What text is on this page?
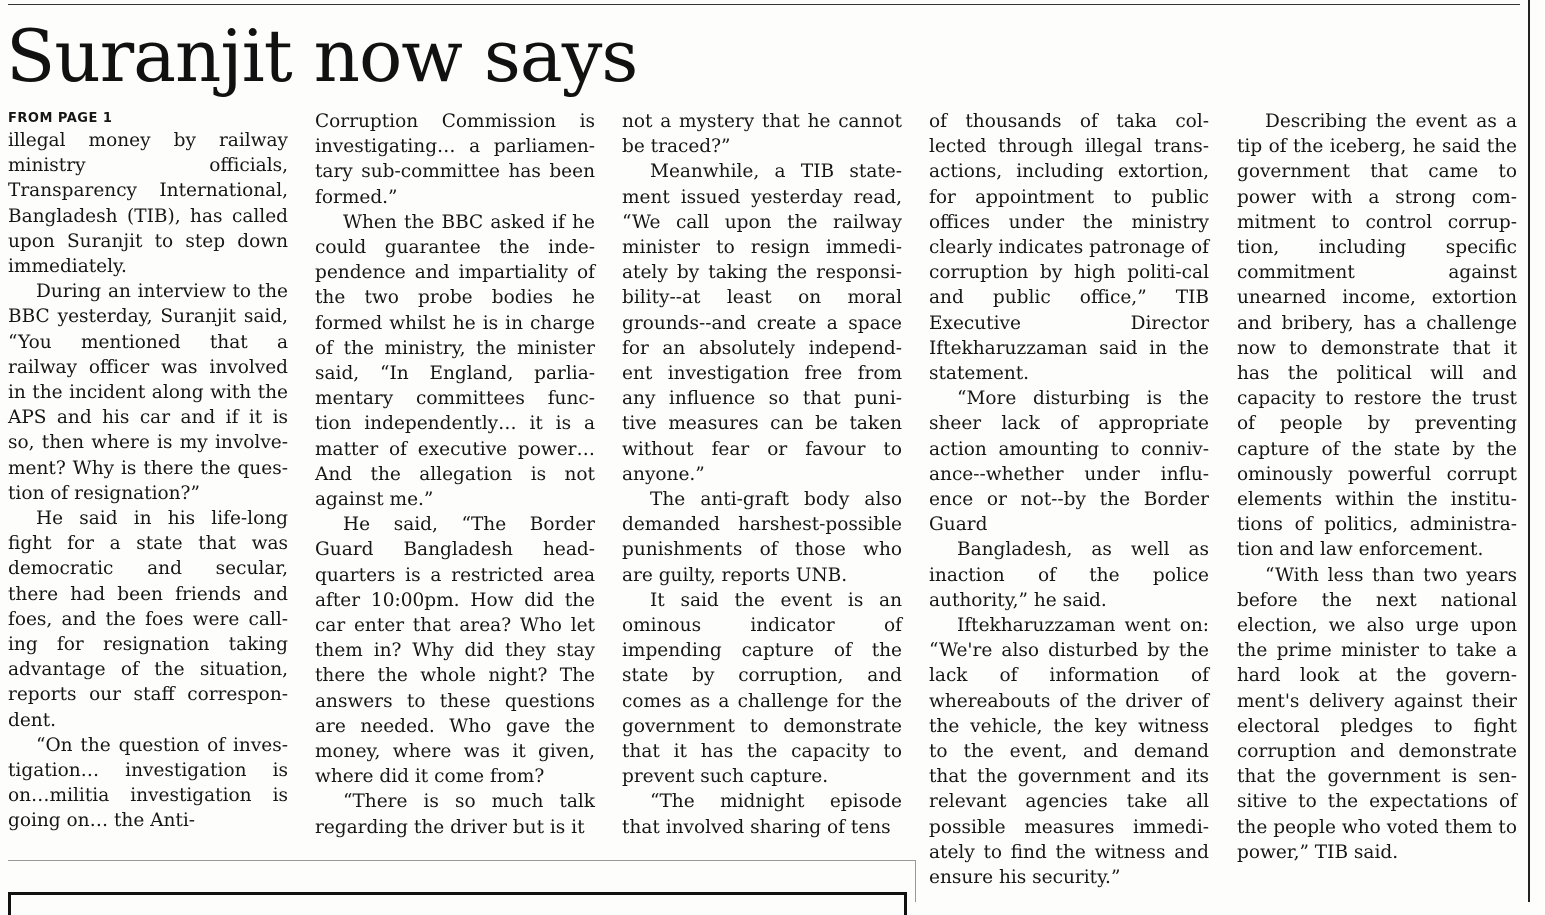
Suranjit now says
FROM PAGE 1

illegal money by railway ministry officials, Transparency International, Bangladesh (TIB), has called upon Suranjit to step down immediately.

During an interview to the BBC yesterday, Suranjit said, “You mentioned that a railway officer was involved in the incident along with the APS and his car and if it is so, then where is my involve-ment? Why is there the ques-tion of resignation?”

He said in his life-long fight for a state that was democratic and secular, there had been friends and foes, and the foes were call-ing for resignation taking advantage of the situation, reports our staff correspon-dent.

“On the question of inves-tigation… investigation is on…militia investigation is going on… the Anti-

Corruption Commission is investigating… a parliamen-tary sub-committee has been formed.”

When the BBC asked if he could guarantee the inde-pendence and impartiality of the two probe bodies he formed whilst he is in charge of the ministry, the minister said, “In England, parlia-mentary committees func-tion independently… it is a matter of executive power… And the allegation is not against me.”

He said, “The Border Guard Bangladesh head-quarters is a restricted area after 10:00pm. How did the car enter that area? Who let them in? Why did they stay there the whole night? The answers to these questions are needed. Who gave the money, where was it given, where did it come from?

“There is so much talk regarding the driver but is it

not a mystery that he cannot be traced?”

Meanwhile, a TIB state-ment issued yesterday read, “We call upon the railway minister to resign immedi-ately by taking the responsi-bility--at least on moral grounds--and create a space for an absolutely independ-ent investigation free from any influence so that puni-tive measures can be taken without fear or favour to anyone.”

The anti-graft body also demanded harshest-possible punishments of those who are guilty, reports UNB.

It said the event is an ominous indicator of impending capture of the state by corruption, and comes as a challenge for the government to demonstrate that it has the capacity to prevent such capture.

“The midnight episode that involved sharing of tens

of thousands of taka col-lected through illegal trans-actions, including extortion, for appointment to public offices under the ministry clearly indicates patronage of corruption by high politi-cal and public office,” TIB Executive Director Iftekharuzzaman said in the statement.

“More disturbing is the sheer lack of appropriate action amounting to conniv-ance--whether under influ-ence or not--by the Border Guard

Bangladesh, as well as inaction of the police authority,” he said.

Iftekharuzzaman went on: “We're also disturbed by the lack of information of whereabouts of the driver of the vehicle, the key witness to the event, and demand that the government and its relevant agencies take all possible measures immedi-ately to find the witness and ensure his security.”

Describing the event as a tip of the iceberg, he said the government that came to power with a strong com-mitment to control corrup-tion, including specific commitment against unearned income, extortion and bribery, has a challenge now to demonstrate that it has the political will and capacity to restore the trust of people by preventing capture of the state by the ominously powerful corrupt elements within the institu-tions of politics, administra-tion and law enforcement.

“With less than two years before the next national election, we also urge upon the prime minister to take a hard look at the govern-ment's delivery against their electoral pledges to fight corruption and demonstrate that the government is sen-sitive to the expectations of the people who voted them to power,” TIB said.
